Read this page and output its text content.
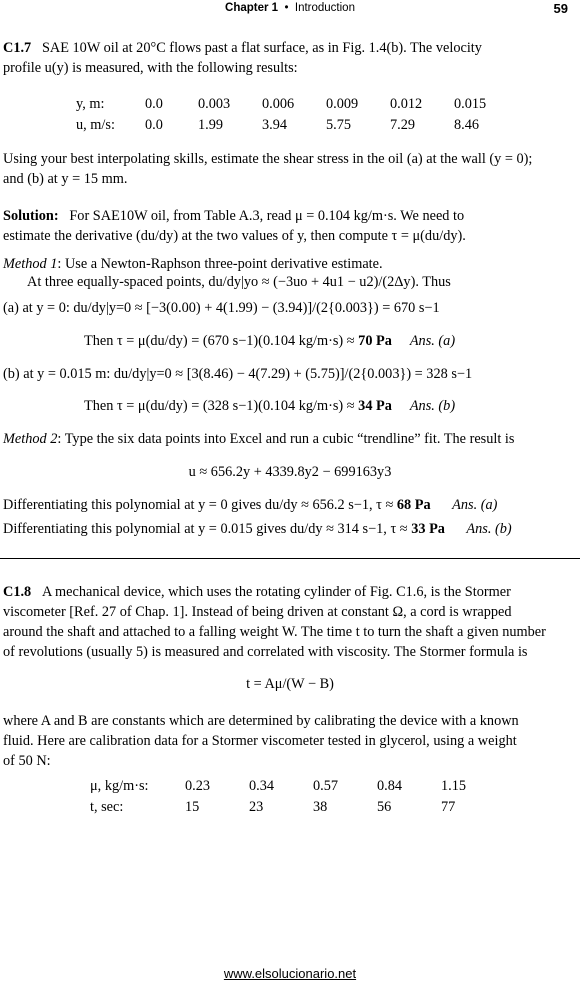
Chapter 1 • Introduction	59

C1.7 SAE 10W oil at 20°C flows past a flat surface, as in Fig. 1.4(b). The velocity

profile u(y) is measured, with the following results:

y, m:	0.0	0.003	0.006	0.009	0.012	0.015
u, m/s:	0.0	1.99	3.94	5.75	7.29	8.46

Using your best interpolating skills, estimate the shear stress in the oil (a) at the wall (y = 0);

and (b) at y = 15 mm.

Solution: For SAE10W oil, from Table A.3, read μ = 0.104 kg/m·s. We need to

estimate the derivative (du/dy) at the two values of y, then compute τ = μ(du/dy).

Method 1: Use a Newton-Raphson three-point derivative estimate.

At three equally-spaced points, du/dy|yo ≈ (−3uo + 4u1 − u2)/(2Δy). Thus

(a) at y = 0: du/dy|y=0 ≈ [−3(0.00) + 4(1.99) − (3.94)]/(2{0.003}) = 670 s−1

Then τ = μ(du/dy) = (670 s−1)(0.104 kg/m·s) ≈ 70 Pa Ans. (a)

(b) at y = 0.015 m: du/dy|y=0 ≈ [3(8.46) − 4(7.29) + (5.75)]/(2{0.003}) = 328 s−1

Then τ = μ(du/dy) = (328 s−1)(0.104 kg/m·s) ≈ 34 Pa Ans. (b)

Method 2: Type the six data points into Excel and run a cubic “trendline” fit. The result is

u ≈ 656.2y + 4339.8y2 − 699163y3

Differentiating this polynomial at y = 0 gives du/dy ≈ 656.2 s−1, τ ≈ 68 Pa Ans. (a)

Differentiating this polynomial at y = 0.015 gives du/dy ≈ 314 s−1, τ ≈ 33 Pa Ans. (b)

C1.8 A mechanical device, which uses the rotating cylinder of Fig. C1.6, is the Stormer

viscometer [Ref. 27 of Chap. 1]. Instead of being driven at constant Ω, a cord is wrapped

around the shaft and attached to a falling weight W. The time t to turn the shaft a given number

of revolutions (usually 5) is measured and correlated with viscosity. The Stormer formula is

t = Aμ/(W − B)

where A and B are constants which are determined by calibrating the device with a known

fluid. Here are calibration data for a Stormer viscometer tested in glycerol, using a weight

of 50 N:

μ, kg/m·s:	0.23	0.34	0.57	0.84	1.15
t, sec:	15	23	38	56	77
www.elsolucionario.net
